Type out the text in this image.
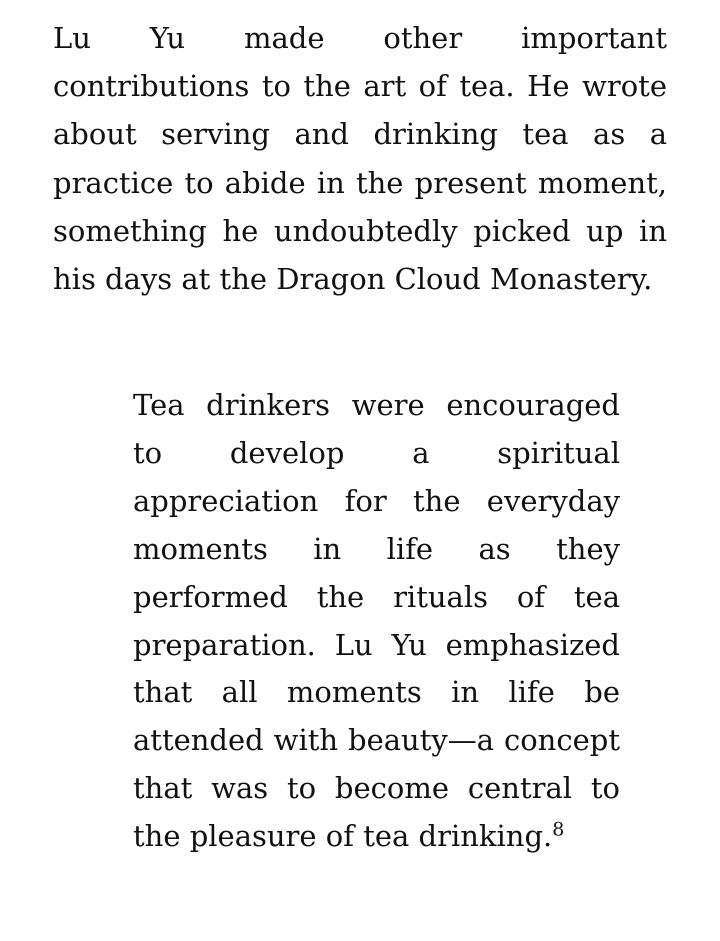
Lu Yu made other important contributions to the art of tea. He wrote about serving and drinking tea as a practice to abide in the present moment, something he undoubtedly picked up in his days at the Dragon Cloud Monastery.

Tea drinkers were encouraged to develop a spiritual appreciation for the everyday moments in life as they performed the rituals of tea preparation. Lu Yu emphasized that all moments in life be attended with beauty—a concept that was to become central to the pleasure of tea drinking.$^8$
